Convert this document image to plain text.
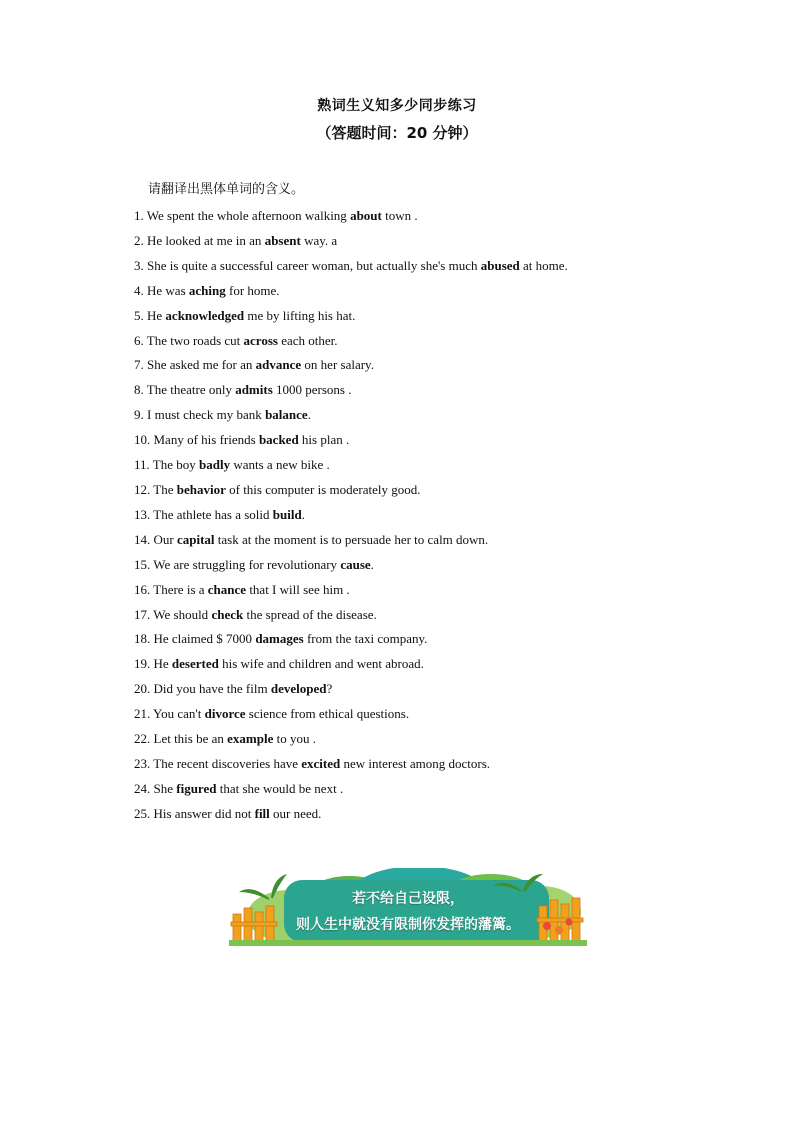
熟词生义知多少同步练习
（答题时间：20 分钟）
请翻译出黑体单词的含义。
1. We spent the whole afternoon walking about town .
2. He looked at me in an absent way. a
3. She is quite a successful career woman, but actually she's much abused at home.
4. He was aching for home.
5. He acknowledged me by lifting his hat.
6. The two roads cut across each other.
7. She asked me for an advance on her salary.
8. The theatre only admits 1000 persons .
9. I must check my bank balance.
10. Many of his friends backed his plan .
11. The boy badly wants a new bike .
12. The behavior of this computer is moderately good.
13. The athlete has a solid build.
14. Our capital task at the moment is to persuade her to calm down.
15. We are struggling for revolutionary cause.
16. There is a chance that I will see him .
17. We should check the spread of the disease.
18. He claimed $ 7000 damages from the taxi company.
19. He deserted his wife and children and went abroad.
20. Did you have the film developed?
21. You can't divorce science from ethical questions.
22. Let this be an example to you .
23. The recent discoveries have excited new interest among doctors.
24. She figured that she would be next .
25. His answer did not fill our need.
若不给自己设限，
则人生中就没有限制你发挥的藩篱。
